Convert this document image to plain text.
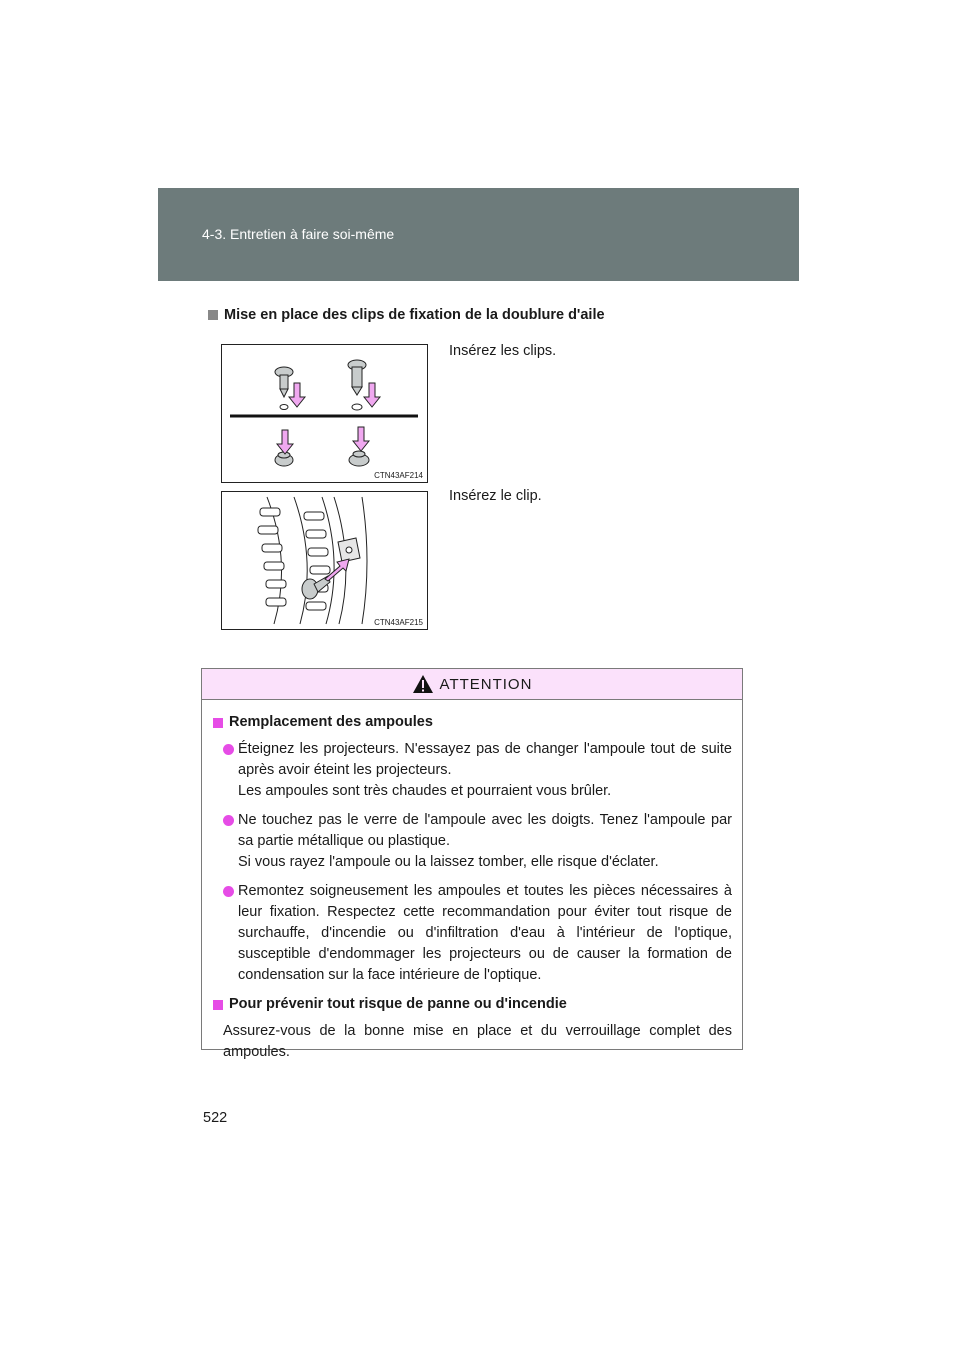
4-3. Entretien à faire soi-même
Mise en place des clips de fixation de la doublure d'aile
CTN43AF214
Insérez les clips.
CTN43AF215
Insérez le clip.
ATTENTION
Remplacement des ampoules

Éteignez les projecteurs. N'essayez pas de changer l'ampoule tout de suite après avoir éteint les projecteurs.

Les ampoules sont très chaudes et pourraient vous brûler.

Ne touchez pas le verre de l'ampoule avec les doigts. Tenez l'ampoule par sa partie métallique ou plastique.

Si vous rayez l'ampoule ou la laissez tomber, elle risque d'éclater.

Remontez soigneusement les ampoules et toutes les pièces nécessaires à leur fixation. Respectez cette recommandation pour éviter tout risque de surchauffe, d'incendie ou d'infiltration d'eau à l'intérieur de l'optique, susceptible d'endommager les projecteurs ou de causer la formation de condensation sur la face intérieure de l'optique.

Pour prévenir tout risque de panne ou d'incendie

Assurez-vous de la bonne mise en place et du verrouillage complet des ampoules.

522
